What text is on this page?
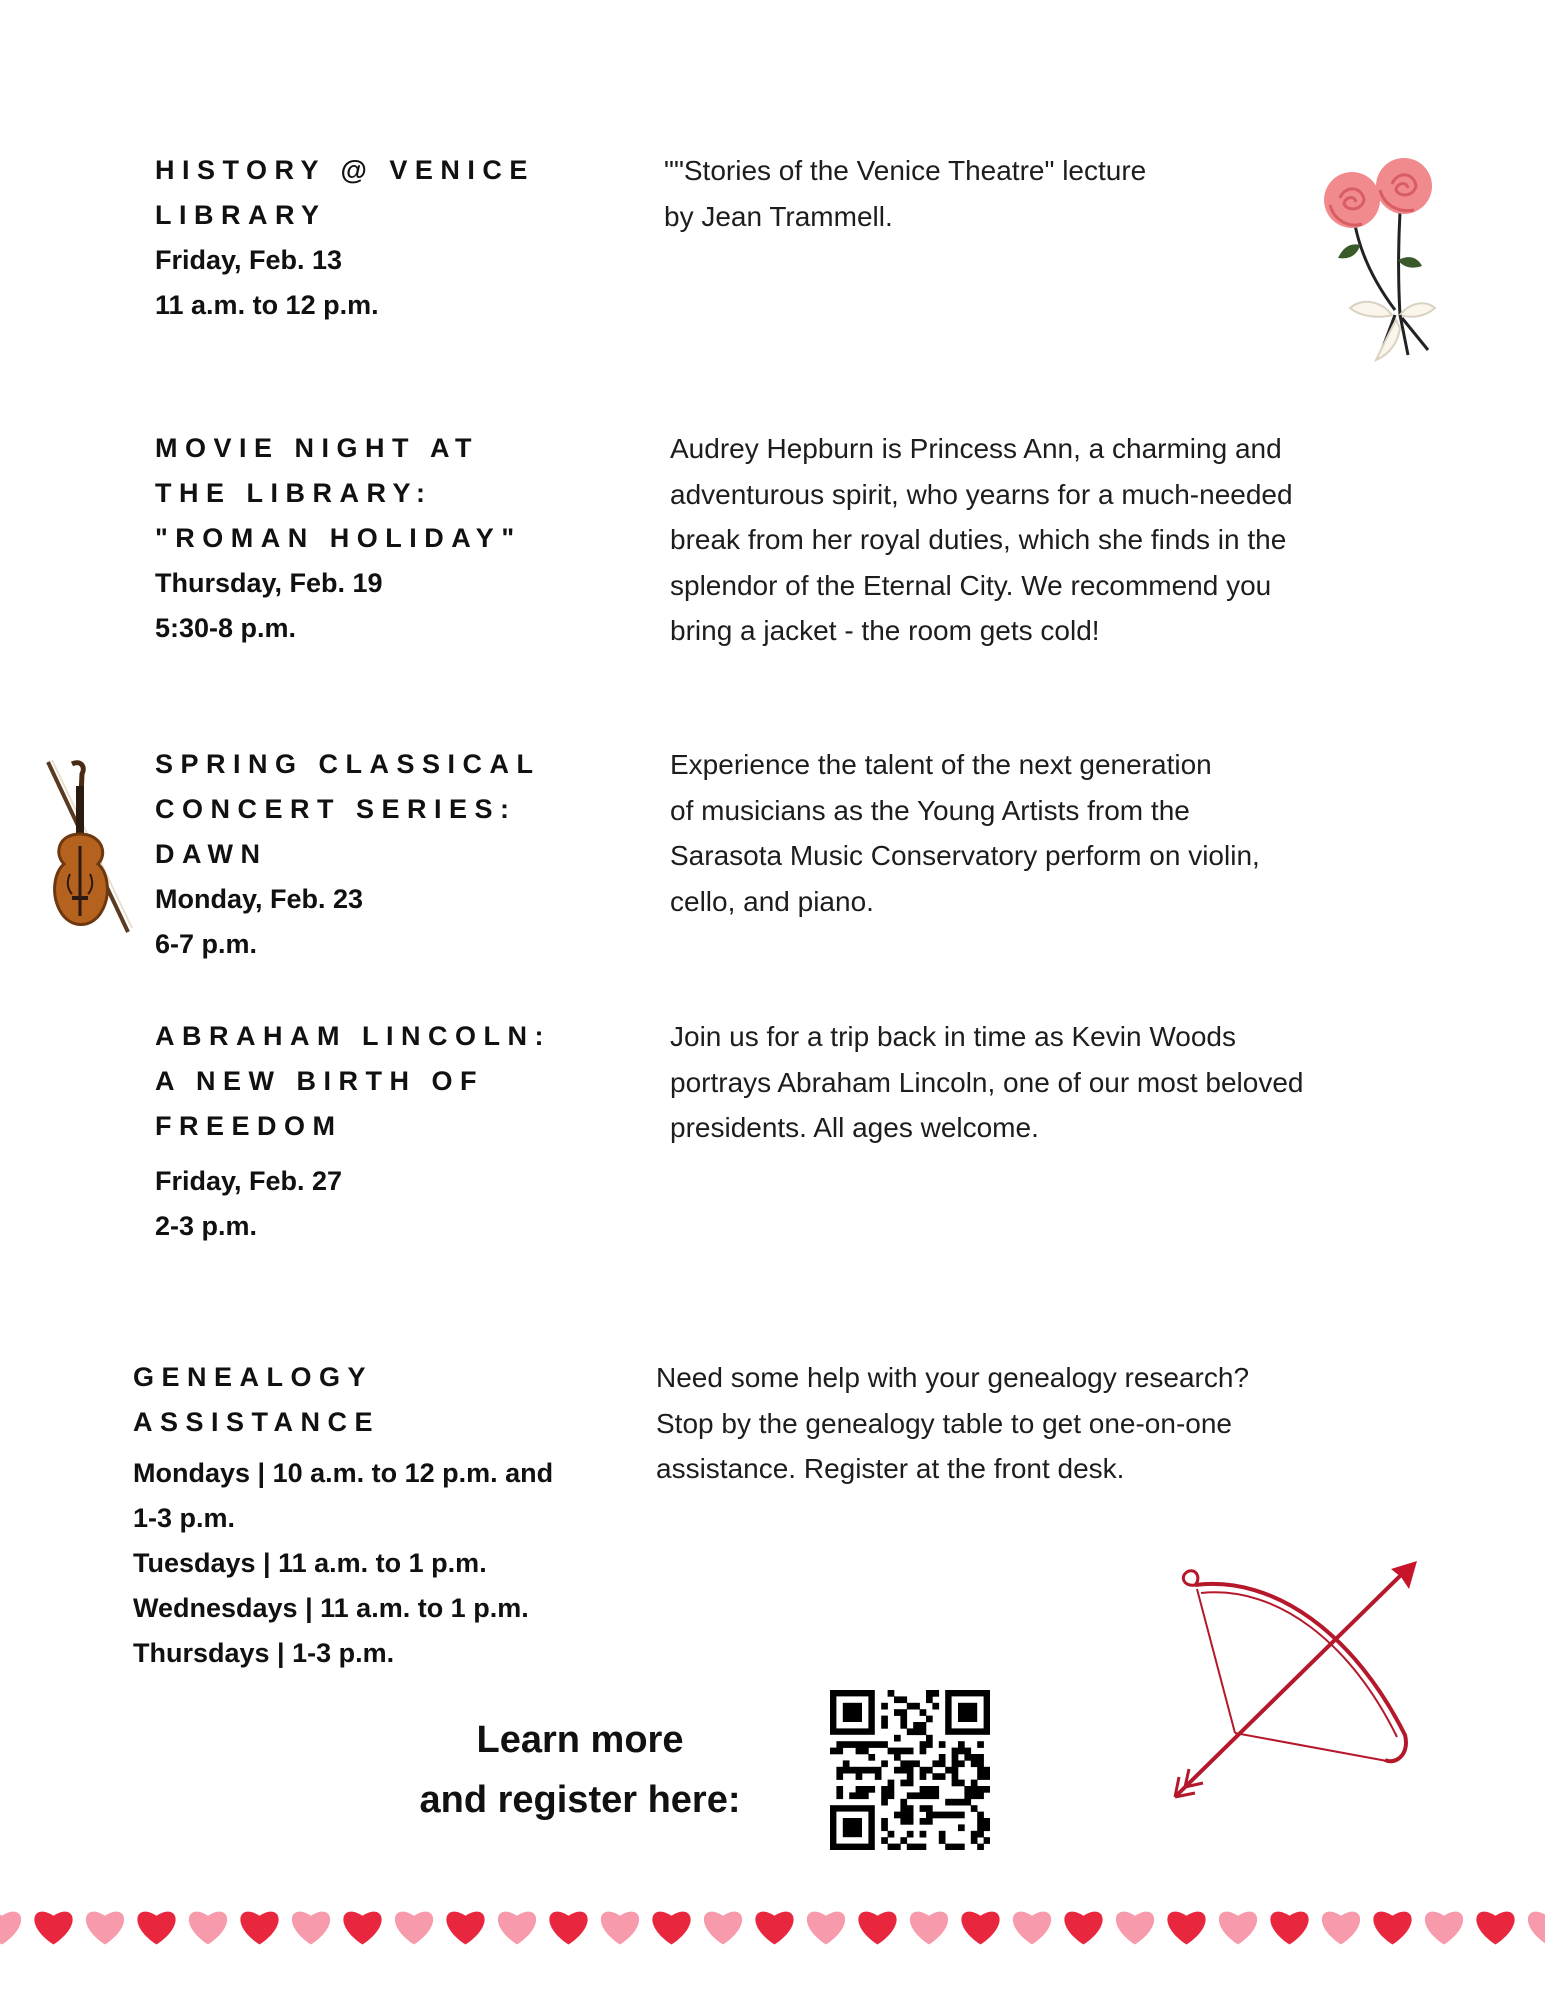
HISTORY @ VENICE

LIBRARY

Friday, Feb. 13

11 a.m. to 12 p.m.

""Stories of the Venice Theatre" lecture

by Jean Trammell.

MOVIE NIGHT AT

THE LIBRARY:

"ROMAN HOLIDAY"

Thursday, Feb. 19

5:30-8 p.m.

Audrey Hepburn is Princess Ann, a charming and

adventurous spirit, who yearns for a much-needed

break from her royal duties, which she finds in the

splendor of the Eternal City. We recommend you

bring a jacket - the room gets cold!

SPRING CLASSICAL

CONCERT SERIES:

DAWN

Monday, Feb. 23

6-7 p.m.

Experience the talent of the next generation

of musicians as the Young Artists from the

Sarasota Music Conservatory perform on violin,

cello, and piano.

ABRAHAM LINCOLN:

A NEW BIRTH OF

FREEDOM

Friday, Feb. 27

2-3 p.m.

Join us for a trip back in time as Kevin Woods

portrays Abraham Lincoln, one of our most beloved

presidents. All ages welcome.

GENEALOGY

ASSISTANCE

Mondays | 10 a.m. to 12 p.m. and

1-3 p.m.

Tuesdays | 11 a.m. to 1 p.m.

Wednesdays | 11 a.m. to 1 p.m.

Thursdays | 1-3 p.m.

Need some help with your genealogy research?

Stop by the genealogy table to get one-on-one

assistance. Register at the front desk.

Learn more
and register here:
